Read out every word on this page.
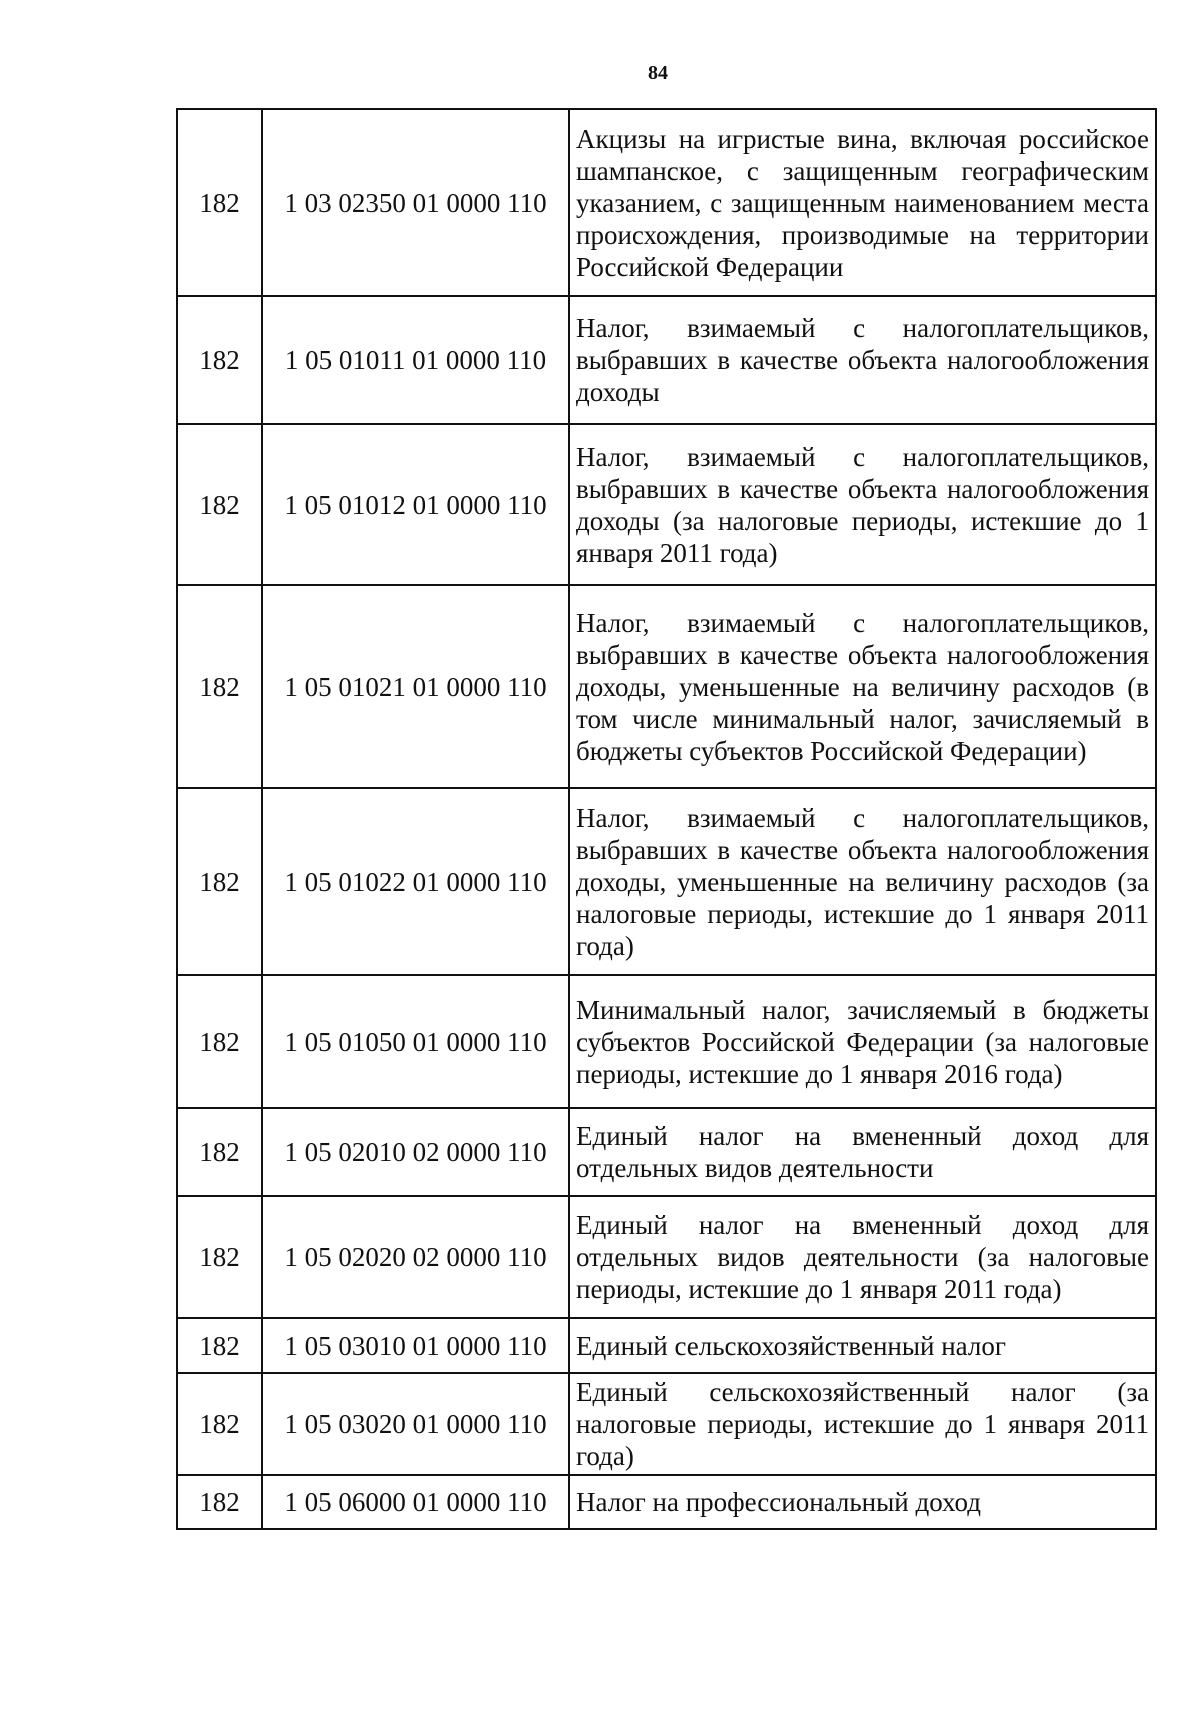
84
182	1 03 02350 01 0000 110	Акцизы на игристые вина, включая российское шампанское, с защищенным географическим указанием, с защищенным наименованием места происхождения, производимые на территории Российской Федерации
182	1 05 01011 01 0000 110	Налог, взимаемый с налогоплательщиков, выбравших в качестве объекта налогообложения доходы
182	1 05 01012 01 0000 110	Налог, взимаемый с налогоплательщиков, выбравших в качестве объекта налогообложения доходы (за налоговые периоды, истекшие до 1 января 2011 года)
182	1 05 01021 01 0000 110	Налог, взимаемый с налогоплательщиков, выбравших в качестве объекта налогообложения доходы, уменьшенные на величину расходов (в том числе минимальный налог, зачисляемый в бюджеты субъектов Российской Федерации)
182	1 05 01022 01 0000 110	Налог, взимаемый с налогоплательщиков, выбравших в качестве объекта налогообложения доходы, уменьшенные на величину расходов (за налоговые периоды, истекшие до 1 января 2011 года)
182	1 05 01050 01 0000 110	Минимальный налог, зачисляемый в бюджеты субъектов Российской Федерации (за налоговые периоды, истекшие до 1 января 2016 года)
182	1 05 02010 02 0000 110	Единый налог на вмененный доход для отдельных видов деятельности
182	1 05 02020 02 0000 110	Единый налог на вмененный доход для отдельных видов деятельности (за налоговые периоды, истекшие до 1 января 2011 года)
182	1 05 03010 01 0000 110	Единый сельскохозяйственный налог
182	1 05 03020 01 0000 110	Единый сельскохозяйственный налог (за налоговые периоды, истекшие до 1 января 2011 года)
182	1 05 06000 01 0000 110	Налог на профессиональный доход
